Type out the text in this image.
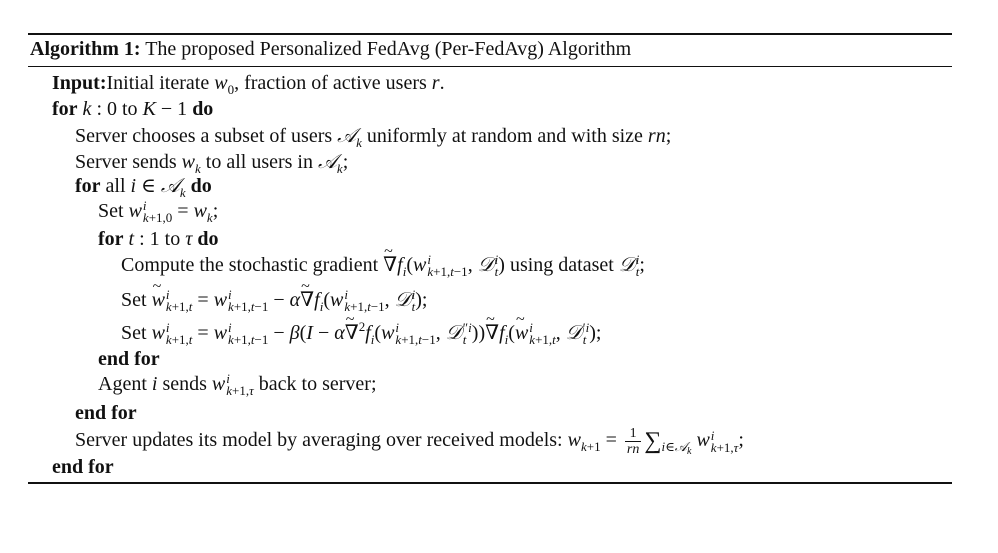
Algorithm 1: The proposed Personalized FedAvg (Per-FedAvg) Algorithm
Input:Initial iterate $w_0$, fraction of active users r.
for k : 0 to K − 1 do
Server chooses a subset of users 𝒜$_k$ uniformly at random and with size rn;
Server sends $w_k$ to all users in 𝒜$_k$;
for all i ∈ 𝒜$_k$ do
Set w i
$k+1,0 = w_k$;
for t : 1 to τ do
Compute the stochastic gradient ~ $\nabla f_i(w$ i
k+1,t−1 , 𝒟 i
t ) using dataset 𝒟 i
t ;
Set ~ w i
k+1,t = w i
k+1,t−1 − α~ $\nabla f_i(w$ i
k+1,t−1 , 𝒟 i
t );
Set w i
k+1,t = w i
k+1,t−1 − β(I − α~ $\nabla^2f_i(w$ i
k+1,t−1 , 𝒟 ″i
t ))~ $\nabla f_i(\sim$ w i
k+1,t , 𝒟 ′i
t );
end for
Agent i sends w i
k+1,τ back to server;
end for
Server updates its model by averaging over received models: $w_{k+1} = \frac{1}{rn} \sum_{i\in 𝒜_k}$ w i
k+1,τ ;
end for
